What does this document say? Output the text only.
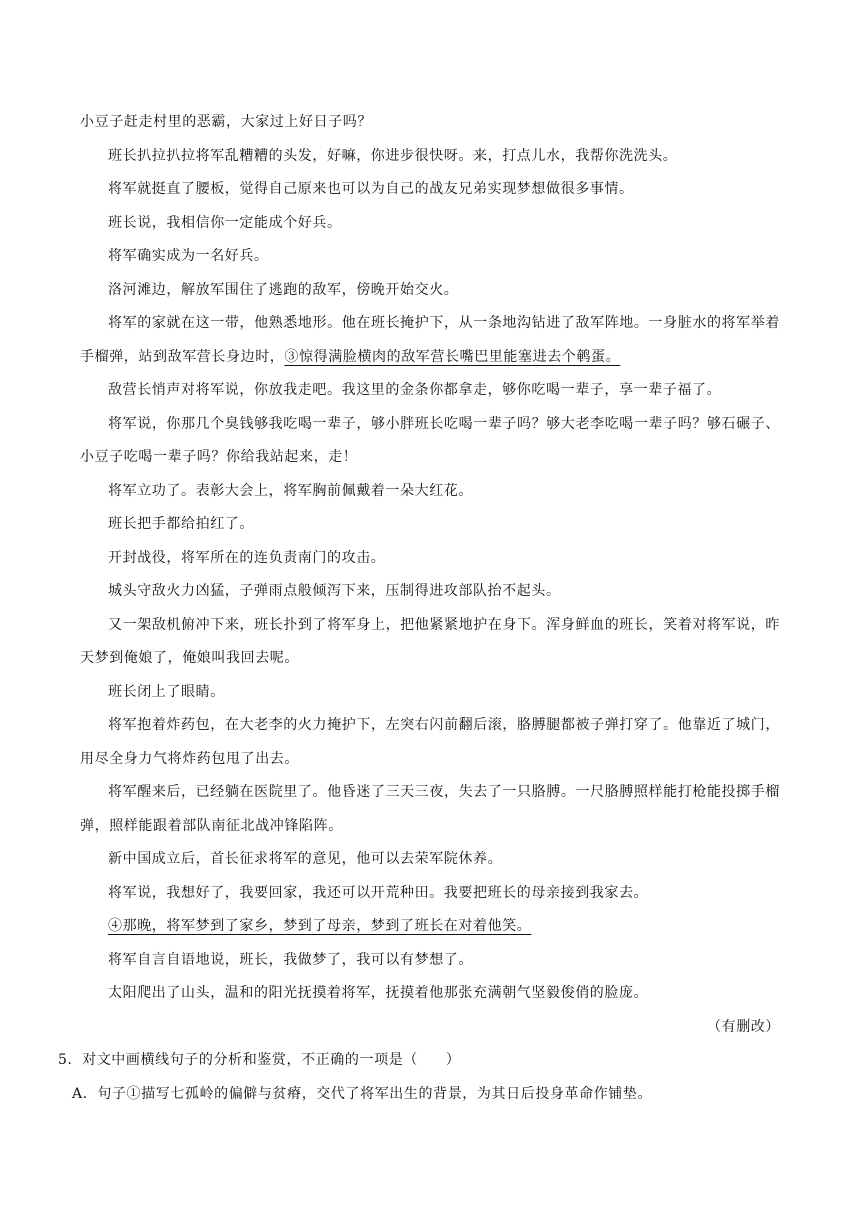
小豆子赶走村里的恶霸，大家过上好日子吗？

班长扒拉扒拉将军乱糟糟的头发，好嘛，你进步很快呀。来，打点儿水，我帮你洗洗头。

将军就挺直了腰板，觉得自己原来也可以为自己的战友兄弟实现梦想做很多事情。

班长说，我相信你一定能成个好兵。

将军确实成为一名好兵。

洛河滩边，解放军围住了逃跑的敌军，傍晚开始交火。

将军的家就在这一带，他熟悉地形。他在班长掩护下，从一条地沟钻进了敌军阵地。一身脏水的将军举着手榴弹，站到敌军营长身边时，③惊得满脸横肉的敌军营长嘴巴里能塞进去个鹌蛋。

敌营长悄声对将军说，你放我走吧。我这里的金条你都拿走，够你吃喝一辈子，享一辈子福了。

将军说，你那几个臭钱够我吃喝一辈子，够小胖班长吃喝一辈子吗？够大老李吃喝一辈子吗？够石碾子、小豆子吃喝一辈子吗？你给我站起来，走！

将军立功了。表彰大会上，将军胸前佩戴着一朵大红花。

班长把手都给拍红了。

开封战役，将军所在的连负责南门的攻击。

城头守敌火力凶猛，子弹雨点般倾泻下来，压制得进攻部队抬不起头。

又一架敌机俯冲下来，班长扑到了将军身上，把他紧紧地护在身下。浑身鲜血的班长，笑着对将军说，昨天梦到俺娘了，俺娘叫我回去呢。

班长闭上了眼睛。

将军抱着炸药包，在大老李的火力掩护下，左突右闪前翻后滚，胳膊腿都被子弹打穿了。他靠近了城门，用尽全身力气将炸药包甩了出去。

将军醒来后，已经躺在医院里了。他昏迷了三天三夜，失去了一只胳膊。一尺胳膊照样能打枪能投掷手榴弹，照样能跟着部队南征北战冲锋陷阵。

新中国成立后，首长征求将军的意见，他可以去荣军院休养。

将军说，我想好了，我要回家，我还可以开荒种田。我要把班长的母亲接到我家去。

④那晚，将军梦到了家乡，梦到了母亲，梦到了班长在对着他笑。

将军自言自语地说，班长，我做梦了，我可以有梦想了。

太阳爬出了山头，温和的阳光抚摸着将军，抚摸着他那张充满朝气坚毅俊俏的脸庞。

（有删改）

5．对文中画横线句子的分析和鉴赏，不正确的一项是（ ）

A．句子①描写七孤岭的偏僻与贫瘠，交代了将军出生的背景，为其日后投身革命作铺垫。
